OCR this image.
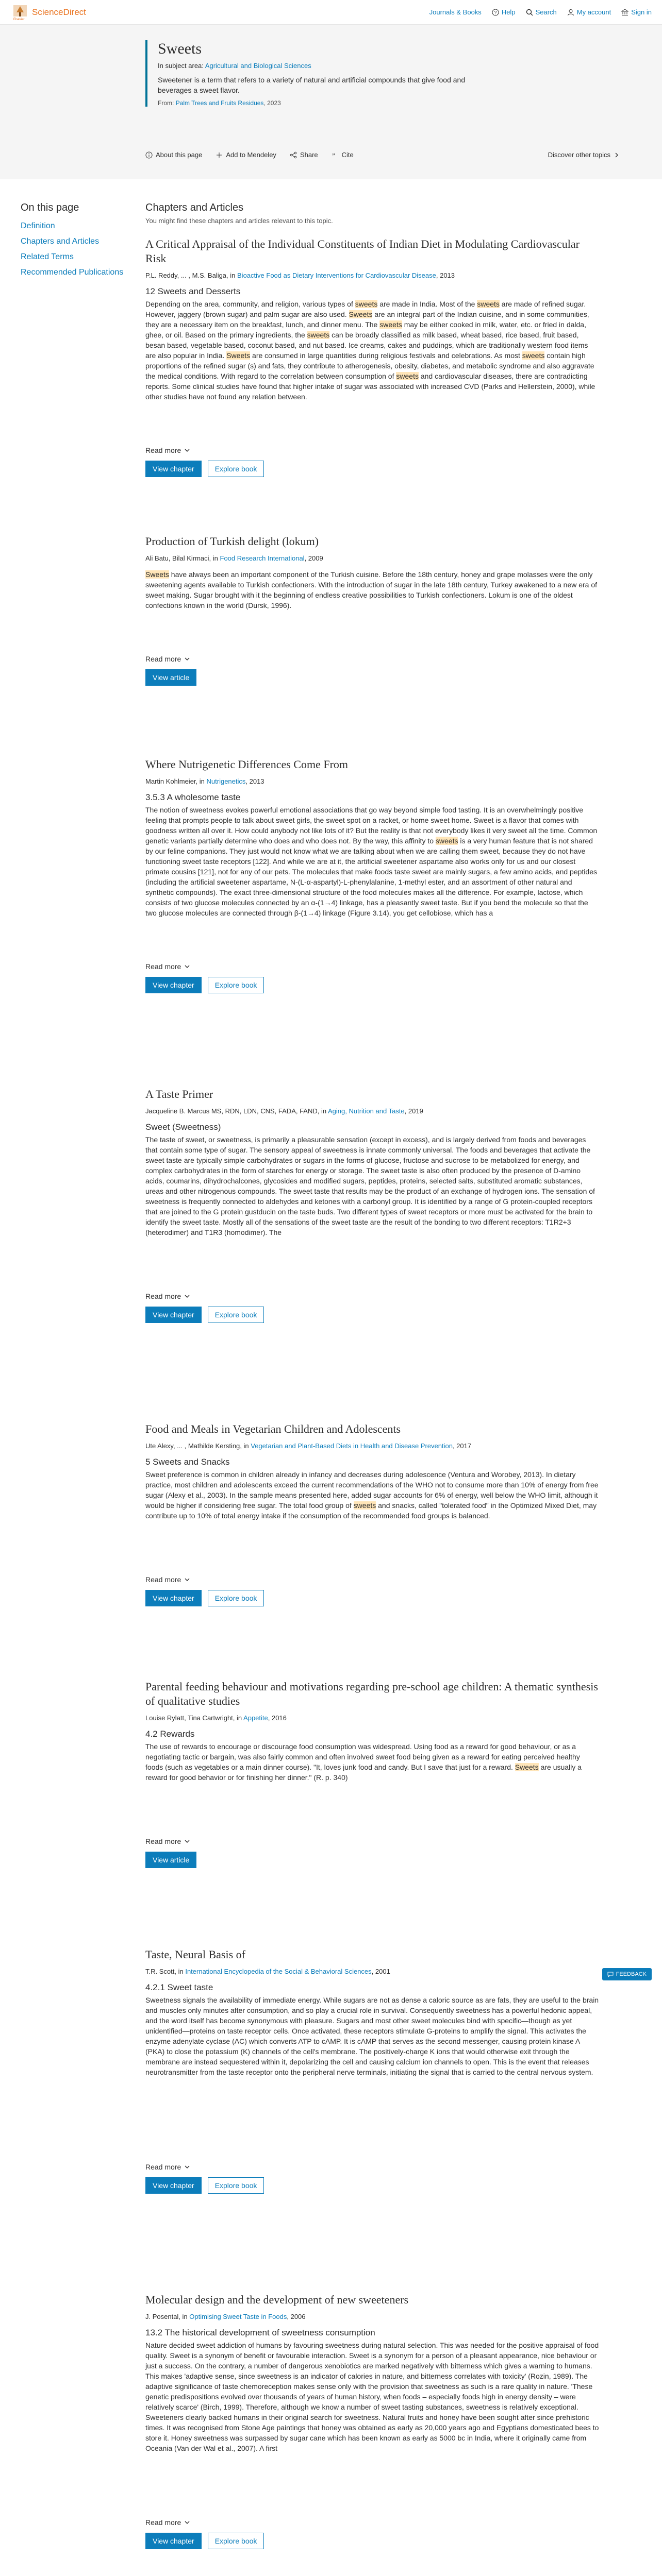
Elsevier
ScienceDirect	Journals & Books	? Help	Search	My account	Sign in
Sweets
In subject area: Agricultural and Biological Sciences
Sweetener is a term that refers to a variety of natural and artificial compounds that give food and beverages a sweet flavor.
From: Palm Trees and Fruits Residues, 2023
About this page	Add to Mendeley	Share ” Cite	Discover other topics
On this page
Definition
Chapters and Articles
Related Terms
Recommended Publications
Chapters and Articles
You might find these chapters and articles relevant to this topic.
A Critical Appraisal of the Individual Constituents of Indian Diet in Modulating Cardiovascular Risk
P.L. Reddy, ... , M.S. Baliga, in Bioactive Food as Dietary Interventions for Cardiovascular Disease, 2013
12 Sweets and Desserts
Depending on the area, community, and religion, various types of sweets are made in India. Most of the sweets are made of refined sugar. However, jaggery (brown sugar) and palm sugar are also used. Sweets are an integral part of the Indian cuisine, and in some communities, they are a necessary item on the breakfast, lunch, and dinner menu. The sweets may be either cooked in milk, water, etc. or fried in dalda, ghee, or oil. Based on the primary ingredients, the sweets can be broadly classified as milk based, wheat based, rice based, fruit based, besan based, vegetable based, coconut based, and nut based. Ice creams, cakes and puddings, which are traditionally western food items are also popular in India. Sweets are consumed in large quantities during religious festivals and celebrations. As most sweets contain high proportions of the refined sugar (s) and fats, they contribute to atherogenesis, obesity, diabetes, and metabolic syndrome and also aggravate the medical conditions. With regard to the correlation between consumption of sweets and cardiovascular diseases, there are contradicting reports. Some clinical studies have found that higher intake of sugar was associated with increased CVD (Parks and Hellerstein, 2000), while other studies have not found any relation between.
Read more
View chapter	Explore book
Production of Turkish delight (lokum)
Ali Batu, Bilal Kirmaci, in Food Research International, 2009
Sweets have always been an important component of the Turkish cuisine. Before the 18th century, honey and grape molasses were the only sweetening agents available to Turkish confectioners. With the introduction of sugar in the late 18th century, Turkey awakened to a new era of sweet making. Sugar brought with it the beginning of endless creative possibilities to Turkish confectioners. Lokum is one of the oldest confections known in the world (Dursk, 1996).
Read more
View article
Where Nutrigenetic Differences Come From
Martin Kohlmeier, in Nutrigenetics, 2013
3.5.3 A wholesome taste
The notion of sweetness evokes powerful emotional associations that go way beyond simple food tasting. It is an overwhelmingly positive feeling that prompts people to talk about sweet girls, the sweet spot on a racket, or home sweet home. Sweet is a flavor that comes with goodness written all over it. How could anybody not like lots of it? But the reality is that not everybody likes it very sweet all the time. Common genetic variants partially determine who does and who does not. By the way, this affinity to sweets is a very human feature that is not shared by our feline companions. They just would not know what we are talking about when we are calling them sweet, because they do not have functioning sweet taste receptors [122]. And while we are at it, the artificial sweetener aspartame also works only for us and our closest primate cousins [121], not for any of our pets. The molecules that make foods taste sweet are mainly sugars, a few amino acids, and peptides (including the artificial sweetener aspartame, N-(L-α-aspartyl)-L-phenylalanine, 1-methyl ester, and an assortment of other natural and synthetic compounds). The exact three-dimensional structure of the food molecules makes all the difference. For example, lactose, which consists of two glucose molecules connected by an α-(1→4) linkage, has a pleasantly sweet taste. But if you bend the molecule so that the two glucose molecules are connected through β-(1→4) linkage (Figure 3.14), you get cellobiose, which has a
Read more
View chapter	Explore book
A Taste Primer
Jacqueline B. Marcus MS, RDN, LDN, CNS, FADA, FAND, in Aging, Nutrition and Taste, 2019
Sweet (Sweetness)
The taste of sweet, or sweetness, is primarily a pleasurable sensation (except in excess), and is largely derived from foods and beverages that contain some type of sugar. The sensory appeal of sweetness is innate commonly universal. The foods and beverages that activate the sweet taste are typically simple carbohydrates or sugars in the forms of glucose, fructose and sucrose to be metabolized for energy, and complex carbohydrates in the form of starches for energy or storage. The sweet taste is also often produced by the presence of D-amino acids, coumarins, dihydrochalcones, glycosides and modified sugars, peptides, proteins, selected salts, substituted aromatic substances, ureas and other nitrogenous compounds. The sweet taste that results may be the product of an exchange of hydrogen ions. The sensation of sweetness is frequently connected to aldehydes and ketones with a carbonyl group. It is identified by a range of G protein-coupled receptors that are joined to the G protein gustducin on the taste buds. Two different types of sweet receptors or more must be activated for the brain to identify the sweet taste. Mostly all of the sensations of the sweet taste are the result of the bonding to two different receptors: T1R2+3 (heterodimer) and T1R3 (homodimer). The
Read more
View chapter	Explore book
Food and Meals in Vegetarian Children and Adolescents
Ute Alexy, ... , Mathilde Kersting, in Vegetarian and Plant-Based Diets in Health and Disease Prevention, 2017
5 Sweets and Snacks
Sweet preference is common in children already in infancy and decreases during adolescence (Ventura and Worobey, 2013). In dietary practice, most children and adolescents exceed the current recommendations of the WHO not to consume more than 10% of energy from free sugar (Alexy et al., 2003). In the sample means presented here, added sugar accounts for 6% of energy, well below the WHO limit, although it would be higher if considering free sugar. The total food group of sweets and snacks, called "tolerated food" in the Optimized Mixed Diet, may contribute up to 10% of total energy intake if the consumption of the recommended food groups is balanced.
Read more
View chapter	Explore book
Parental feeding behaviour and motivations regarding pre-school age children: A thematic synthesis of qualitative studies
Louise Rylatt, Tina Cartwright, in Appetite, 2016
4.2 Rewards
The use of rewards to encourage or discourage food consumption was widespread. Using food as a reward for good behaviour, or as a negotiating tactic or bargain, was also fairly common and often involved sweet food being given as a reward for eating perceived healthy foods (such as vegetables or a main dinner course). "It, loves junk food and candy. But I save that just for a reward. Sweets are usually a reward for good behavior or for finishing her dinner." (R. p. 340)
Read more
View article
Taste, Neural Basis of
T.R. Scott, in International Encyclopedia of the Social & Behavioral Sciences, 2001
4.2.1 Sweet taste
Sweetness signals the availability of immediate energy. While sugars are not as dense a caloric source as are fats, they are useful to the brain and muscles only minutes after consumption, and so play a crucial role in survival. Consequently sweetness has a powerful hedonic appeal, and the word itself has become synonymous with pleasure. Sugars and most other sweet molecules bind with specific—though as yet unidentified—proteins on taste receptor cells. Once activated, these receptors stimulate G-proteins to amplify the signal. This activates the enzyme adenylate cyclase (AC) which converts ATP to cAMP. It is cAMP that serves as the second messenger, causing protein kinase A (PKA) to close the potassium (K) channels of the cell's membrane. The positively-charge K ions that would otherwise exit through the membrane are instead sequestered within it, depolarizing the cell and causing calcium ion channels to open. This is the event that releases neurotransmitter from the taste receptor onto the peripheral nerve terminals, initiating the signal that is carried to the central nervous system.
Read more
View chapter	Explore book
Molecular design and the development of new sweeteners
J. Posental, in Optimising Sweet Taste in Foods, 2006
13.2 The historical development of sweetness consumption
Nature decided sweet addiction of humans by favouring sweetness during natural selection. This was needed for the positive appraisal of food quality. Sweet is a synonym of benefit or favourable interaction. Sweet is a synonym for a person of a pleasant appearance, nice behaviour or just a success. On the contrary, a number of dangerous xenobiotics are marked negatively with bitterness which gives a warning to humans. This makes 'adaptive sense, since sweetness is an indicator of calories in nature, and bitterness correlates with toxicity' (Rozin, 1989). The adaptive significance of taste chemoreception makes sense only with the provision that sweetness as such is a rare quality in nature. 'These genetic predispositions evolved over thousands of years of human history, when foods – especially foods high in energy density – were relatively scarce' (Birch, 1999). Therefore, although we know a number of sweet tasting substances, sweetness is relatively exceptional. Sweeteners clearly backed humans in their original search for sweetness. Natural fruits and honey have been sought after since prehistoric times. It was recognised from Stone Age paintings that honey was obtained as early as 20,000 years ago and Egyptians domesticated bees to store it. Honey sweetness was surpassed by sugar cane which has been known as early as 5000 bc in India, where it originally came from Oceania (Van der Wal et al., 2007). A first
Read more
View chapter	Explore book
FEEDBACK
